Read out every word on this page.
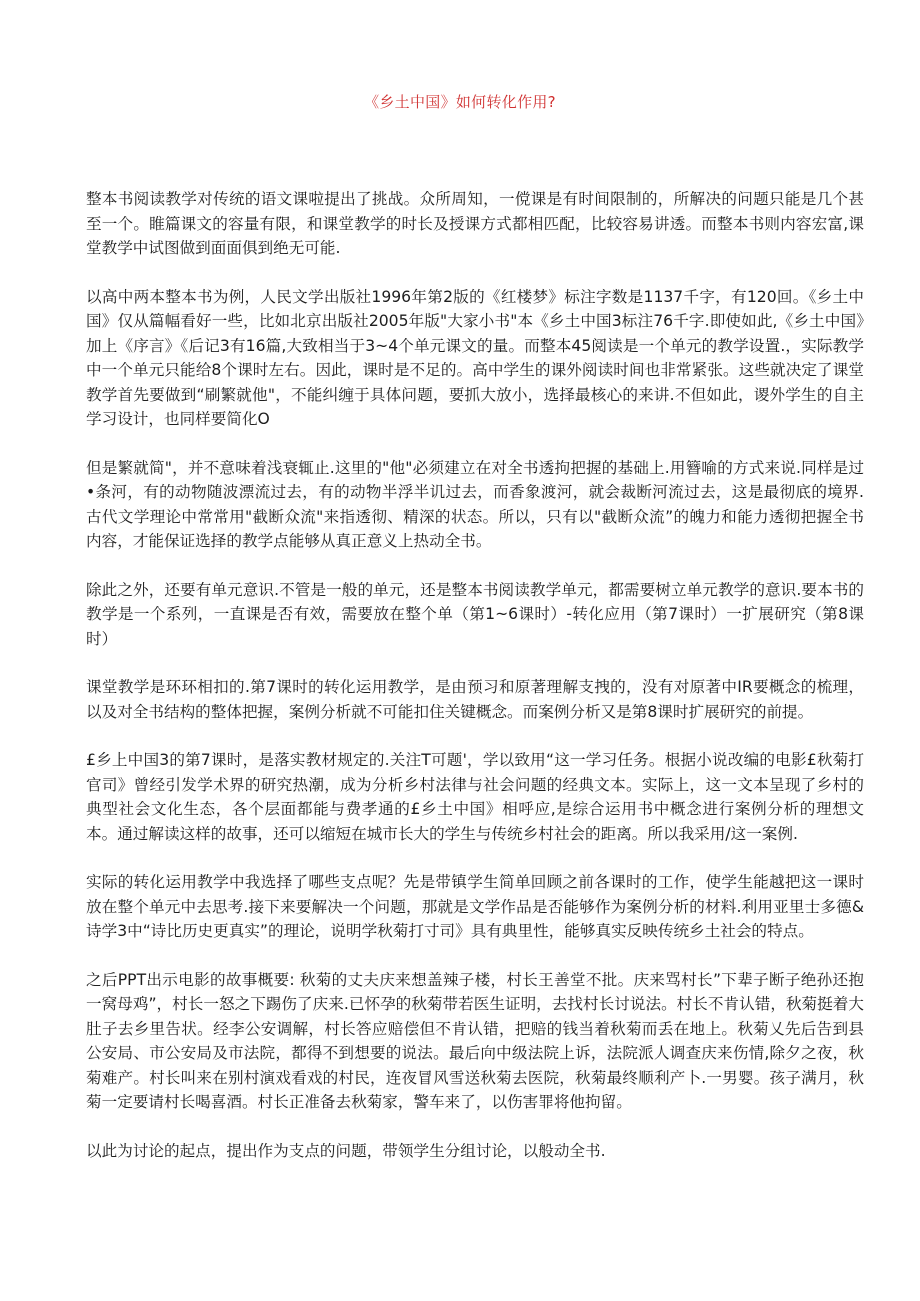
《乡土中国》如何转化作用?

整本书阅读教学对传统的语文课啦提出了挑战。众所周知，一傥课是有时间限制的，所解决的问题只能是几个甚至一个。睢篇课文的容量有限，和课堂教学的时长及授课方式都相匹配，比较容易讲透。而整本书则内容宏富,课堂教学中试图做到面面俱到绝无可能.

以高中两本整本书为例，人民文学出版社1996年第2版的《红楼梦》标注字数是1137千字，有120回。《乡土中国》仅从篇幅看好一些，比如北京出版社2005年版"大家小书"本《乡土中国3标注76千字.即使如此,《乡土中国》加上《序言》《后记3有16篇,大致相当于3~4个单元课文的量。而整本45阅读是一个单元的教学设置.，实际教学中一个单元只能给8个课时左右。因此，课时是不足的。高中学生的课外阅读时间也非常紧张。这些就决定了课堂教学首先要做到“刷繁就他"，不能纠缠于具体问题，要抓大放小，选择最核心的来讲.不但如此，谡外学生的自主学习设计，也同样要简化O

但是繁就简"，并不意味着浅衰辄止.这里的"他"必须建立在对全书透拘把握的基础上.用簪喻的方式来说.同样是过•条河，有的动物随波漂流过去，有的动物半浮半讥过去，而香象渡河，就会裁断河流过去，这是最彻底的境界.古代文学理论中常常用"截断众流"来指透彻、精深的状态。所以，只有以"截断众流”的魄力和能力透彻把握全书内容，才能保证选择的教学点能够从真正意义上热动全书。

除此之外，还要有单元意识.不管是一般的单元，还是整本书阅读教学单元，都需要树立单元教学的意识.要本书的教学是一个系列，一直课是否有效，需要放在整个单（第1~6课时）-转化应用（第7课时）一扩展研究（第8课时）

课堂教学是环环相扣的.第7课时的转化运用教学，是由预习和原著理解支拽的，没有对原著中IR要概念的梳理，以及对全书结构的整体把握，案例分析就不可能扣住关键概念。而案例分析又是第8课时扩展研究的前提。

£乡上中国3的第7课时，是落实教材规定的.关注T可题'，学以致用“这一学习任务。根据小说改编的电影£秋菊打官司》曾经引发学术界的研究热潮，成为分析乡村法律与社会问题的经典文本。实际上，这一文本呈现了乡村的典型社会文化生态，各个层面都能与费孝通的£乡土中国》相呼应,是综合运用书中概念进行案例分析的理想文本。通过解读这样的故事，还可以缩短在城市长大的学生与传统乡村社会的距离。所以我采用/这一案例.

实际的转化运用教学中我选择了哪些支点呢？先是带镇学生简单回顾之前各课时的工作，使学生能越把这一课时放在整个单元中去思考.接下来要解决一个问题，那就是文学作品是否能够作为案例分析的材料.利用亚里士多德&诗学3中“诗比历史更真实”的理论，说明学秋菊打寸司》具有典里性，能够真实反映传统乡土社会的特点。

之后PPT出示电影的故事概要: 秋菊的丈夫庆来想盖辣子楼，村长王善堂不批。庆来骂村长”下辈子断子绝孙还抱一窝母鸡”，村长一怒之下踢伤了庆来.已怀孕的秋菊带若医生证明，去找村长讨说法。村长不肯认错，秋菊挺着大肚子去乡里告状。经李公安调解，村长答应赔偿但不肯认错，把赔的钱当着秋菊而丢在地上。秋菊乂先后告到县公安局、市公安局及市法院，都得不到想要的说法。最后向中级法院上诉，法院派人调查庆来伤情,除夕之夜，秋菊难产。村长叫来在别村演戏看戏的村民，连夜冒风雪送秋菊去医院，秋菊最终顺利产卜.一男婴。孩子满月，秋菊一定要请村长喝喜酒。村长正准备去秋菊家，警车来了，以伤害罪将他拘留。

以此为讨论的起点，提出作为支点的问题，带领学生分组讨论，以般动全书.
